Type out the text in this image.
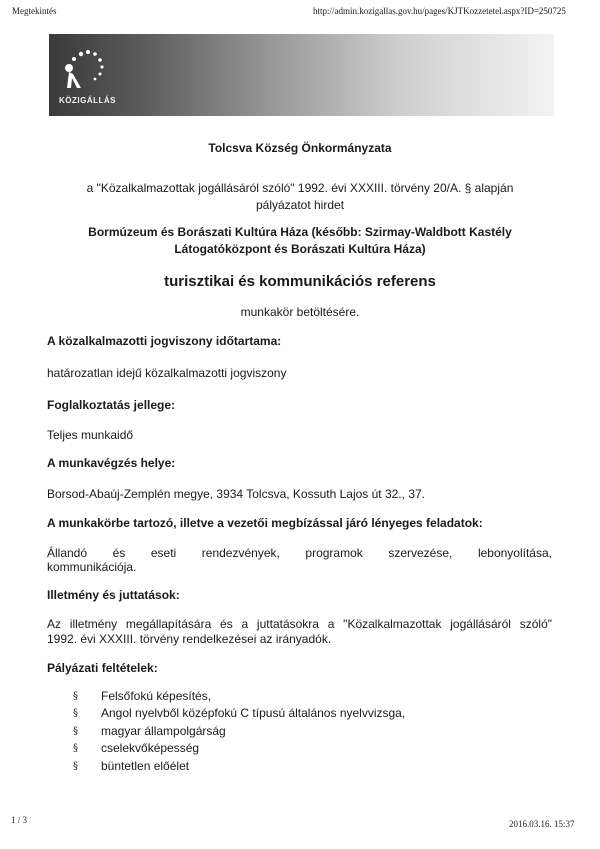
Megtekintés	http://admin.kozigallas.gov.hu/pages/KJTKozzetetel.aspx?ID=250725
KÖZIGÁLLÁS
Tolcsva Község Önkormányzata
a "Közalkalmazottak jogállásáról szóló" 1992. évi XXXIII. törvény 20/A. § alapján
pályázatot hirdet
Bormúzeum és Borászati Kultúra Háza (később: Szirmay-Waldbott Kastély
Látogatóközpont és Borászati Kultúra Háza)
turisztikai és kommunikációs referens
munkakör betöltésére.
A közalkalmazotti jogviszony időtartama:
határozatlan idejű közalkalmazotti jogviszony
Foglalkoztatás jellege:
Teljes munkaidő
A munkavégzés helye:
Borsod-Abaúj-Zemplén megye, 3934 Tolcsva, Kossuth Lajos út 32., 37.
A munkakörbe tartozó, illetve a vezetői megbízással járó lényeges feladatok:
Állandó és eseti rendezvények, programok szervezése, lebonyolítása,
kommunikációja.
Illetmény és juttatások:
Az illetmény megállapítására és a juttatásokra a "Közalkalmazottak jogállásáról szóló"
1992. évi XXXIII. törvény rendelkezései az irányadók.
Pályázati feltételek:
§	Felsőfokú képesítés,
§	Angol nyelvből középfokú C típusú általános nyelvvizsga,
§	magyar állampolgárság
§	cselekvőképesség
§	büntetlen előélet
1 / 3	2016.03.16. 15:37
